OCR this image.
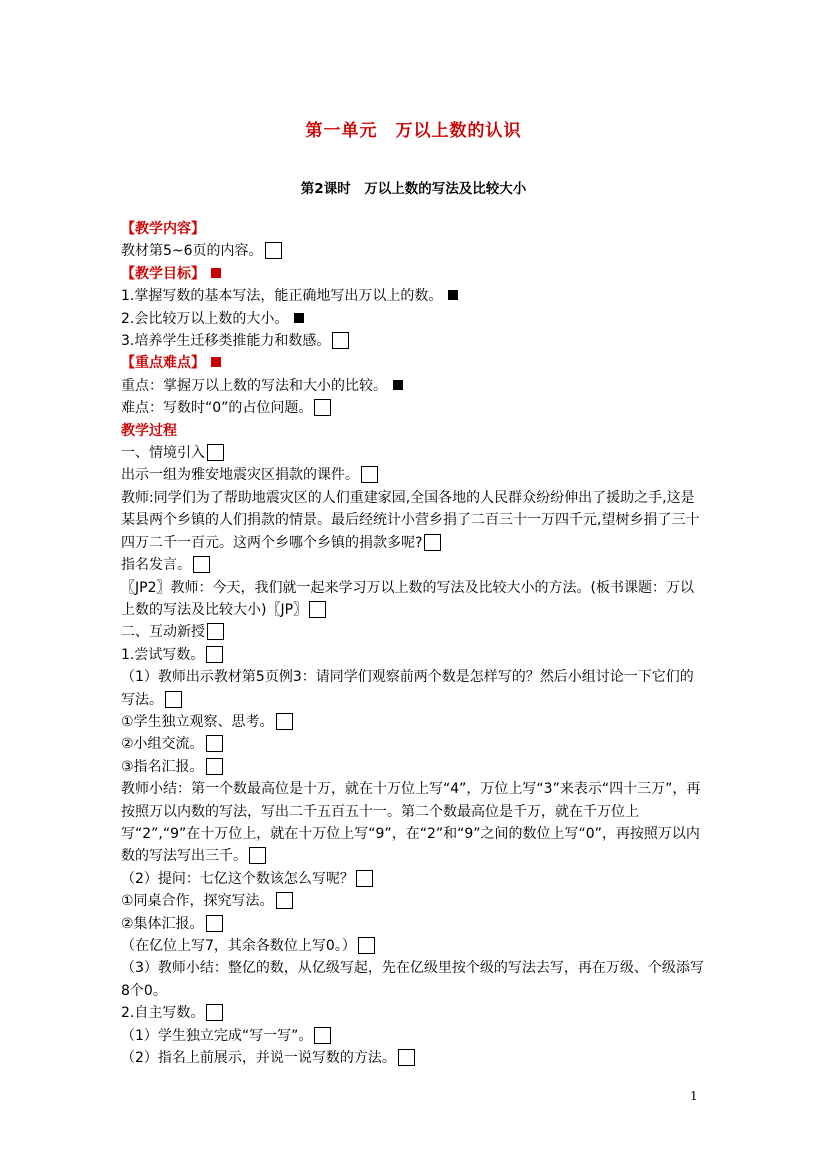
第一单元　万以上数的认识
第2课时　万以上数的写法及比较大小
【教学内容】
教材第5~6页的内容。
【教学目标】
1.掌握写数的基本写法，能正确地写出万以上的数。
2.会比较万以上数的大小。
3.培养学生迁移类推能力和数感。
【重点难点】
重点：掌握万以上数的写法和大小的比较。
难点：写数时“0”的占位问题。
教学过程
一、情境引入
出示一组为雅安地震灾区捐款的课件。
教师:同学们为了帮助地震灾区的人们重建家园,全国各地的人民群众纷纷伸出了援助之手,这是某县两个乡镇的人们捐款的情景。最后经统计小营乡捐了二百三十一万四千元,望树乡捐了三十四万二千一百元。这两个乡哪个乡镇的捐款多呢?
指名发言。
〖JP2〗教师：今天，我们就一起来学习万以上数的写法及比较大小的方法。(板书课题：万以上数的写法及比较大小)〖JP〗
二、互动新授
1.尝试写数。
（1）教师出示教材第5页例3：请同学们观察前两个数是怎样写的？然后小组讨论一下它们的写法。
①学生独立观察、思考。
②小组交流。
③指名汇报。
教师小结：第一个数最高位是十万，就在十万位上写“4”，万位上写“3”来表示“四十三万”，再按照万以内数的写法，写出二千五百五十一。第二个数最高位是千万，就在千万位上写“2”,“9”在十万位上，就在十万位上写“9”，在“2”和“9”之间的数位上写“0”，再按照万以内数的写法写出三千。
（2）提问：七亿这个数该怎么写呢？
①同桌合作，探究写法。
②集体汇报。
（在亿位上写7，其余各数位上写0。）
（3）教师小结：整亿的数，从亿级写起，先在亿级里按个级的写法去写，再在万级、个级添写8个0。
2.自主写数。
（1）学生独立完成“写一写”。
（2）指名上前展示，并说一说写数的方法。
1
